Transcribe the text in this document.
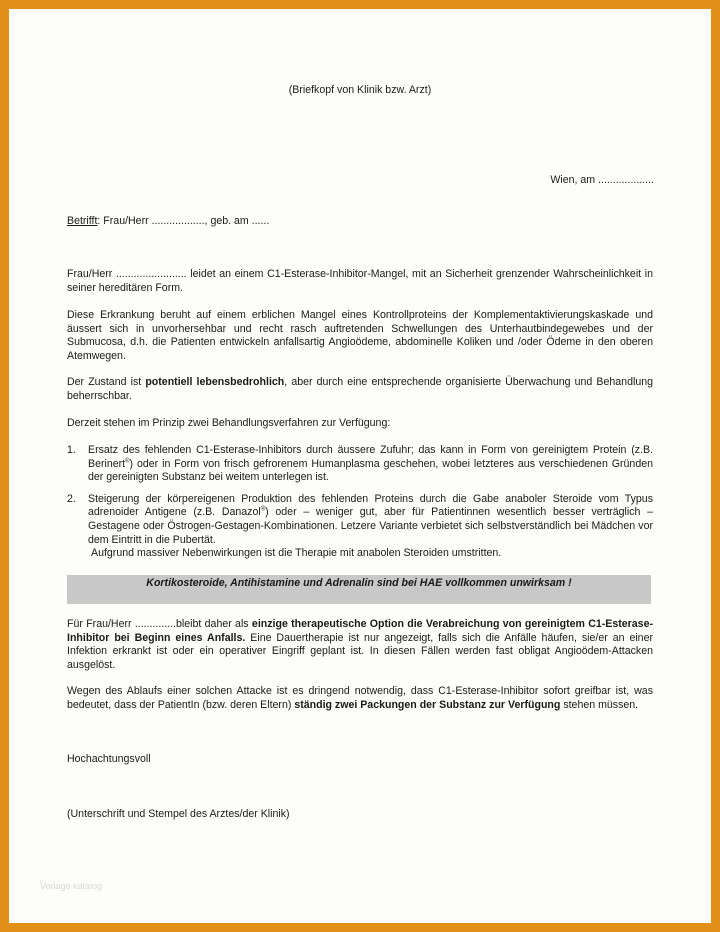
(Briefkopf von Klinik bzw. Arzt)
Wien, am ...................
Betrifft: Frau/Herr .................., geb. am ......
Frau/Herr ........................ leidet an einem C1-Esterase-Inhibitor-Mangel, mit an Sicherheit grenzender Wahrscheinlichkeit in seiner hereditären Form.
Diese Erkrankung beruht auf einem erblichen Mangel eines Kontrollproteins der Komplementaktivierungskaskade und äussert sich in unvorhersehbar und recht rasch auftretenden Schwellungen des Unterhautbindegewebes und der Submucosa, d.h. die Patienten entwickeln anfallsartig Angioödeme, abdominelle Koliken und /oder Ödeme in den oberen Atemwegen.
Der Zustand ist potentiell lebensbedrohlich, aber durch eine entsprechende organisierte Überwachung und Behandlung beherrschbar.
Derzeit stehen im Prinzip zwei Behandlungsverfahren zur Verfügung:
1. Ersatz des fehlenden C1-Esterase-Inhibitors durch äussere Zufuhr; das kann in Form von gereinigtem Protein (z.B. Berinert®) oder in Form von frisch gefrorenem Humanplasma geschehen, wobei letzteres aus verschiedenen Gründen der gereinigten Substanz bei weitem unterlegen ist.
2. Steigerung der körpereigenen Produktion des fehlenden Proteins durch die Gabe anaboler Steroide vom Typus adrenoider Antigene (z.B. Danazol®) oder – weniger gut, aber für Patientinnen wesentlich besser verträglich – Gestagene oder Östrogen-Gestagen-Kombinationen. Letzere Variante verbietet sich selbstverständlich bei Mädchen vor dem Eintritt in die Pubertät.
Aufgrund massiver Nebenwirkungen ist die Therapie mit anabolen Steroiden umstritten.
Kortikosteroide, Antihistamine und Adrenalin sind bei HAE vollkommen unwirksam !
Für Frau/Herr ..............bleibt daher als einzige therapeutische Option die Verabreichung von gereinigtem C1-Esterase-Inhibitor bei Beginn eines Anfalls. Eine Dauertherapie ist nur angezeigt, falls sich die Anfälle häufen, sie/er an einer Infektion erkrankt ist oder ein operativer Eingriff geplant ist. In diesen Fällen werden fast obligat Angioödem-Attacken ausgelöst.
Wegen des Ablaufs einer solchen Attacke ist es dringend notwendig, dass C1-Esterase-Inhibitor sofort greifbar ist, was bedeutet, dass der PatientIn (bzw. deren Eltern) ständig zwei Packungen der Substanz zur Verfügung stehen müssen.
Hochachtungsvoll
(Unterschrift und Stempel des Arztes/der Klinik)
Vorlage katalog
